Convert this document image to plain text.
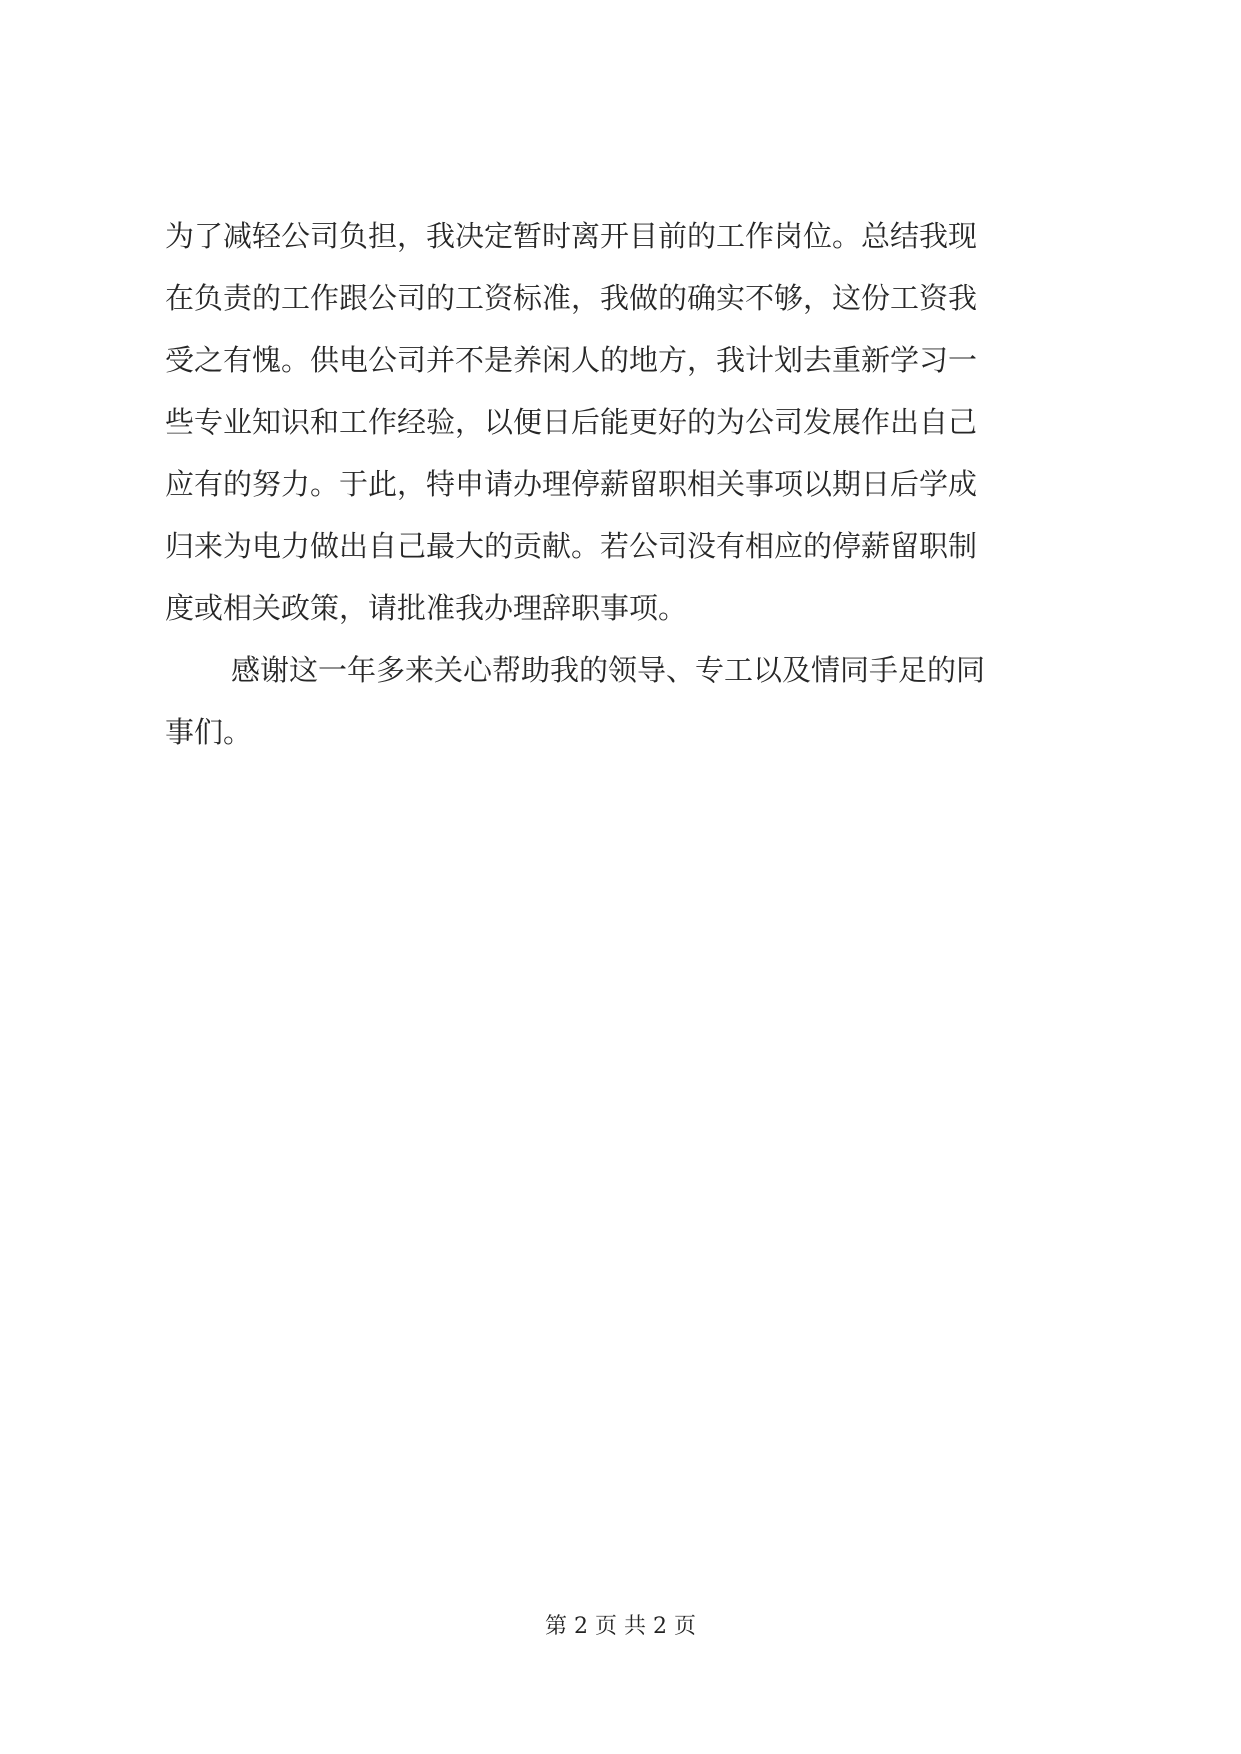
为了减轻公司负担，我决定暂时离开目前的工作岗位。总结我现
在负责的工作跟公司的工资标准，我做的确实不够，这份工资我
受之有愧。供电公司并不是养闲人的地方，我计划去重新学习一
些专业知识和工作经验，以便日后能更好的为公司发展作出自己
应有的努力。于此，特申请办理停薪留职相关事项以期日后学成
归来为电力做出自己最大的贡献。若公司没有相应的停薪留职制
度或相关政策，请批准我办理辞职事项。
感谢这一年多来关心帮助我的领导、专工以及情同手足的同
事们。
第 2 页 共 2 页
